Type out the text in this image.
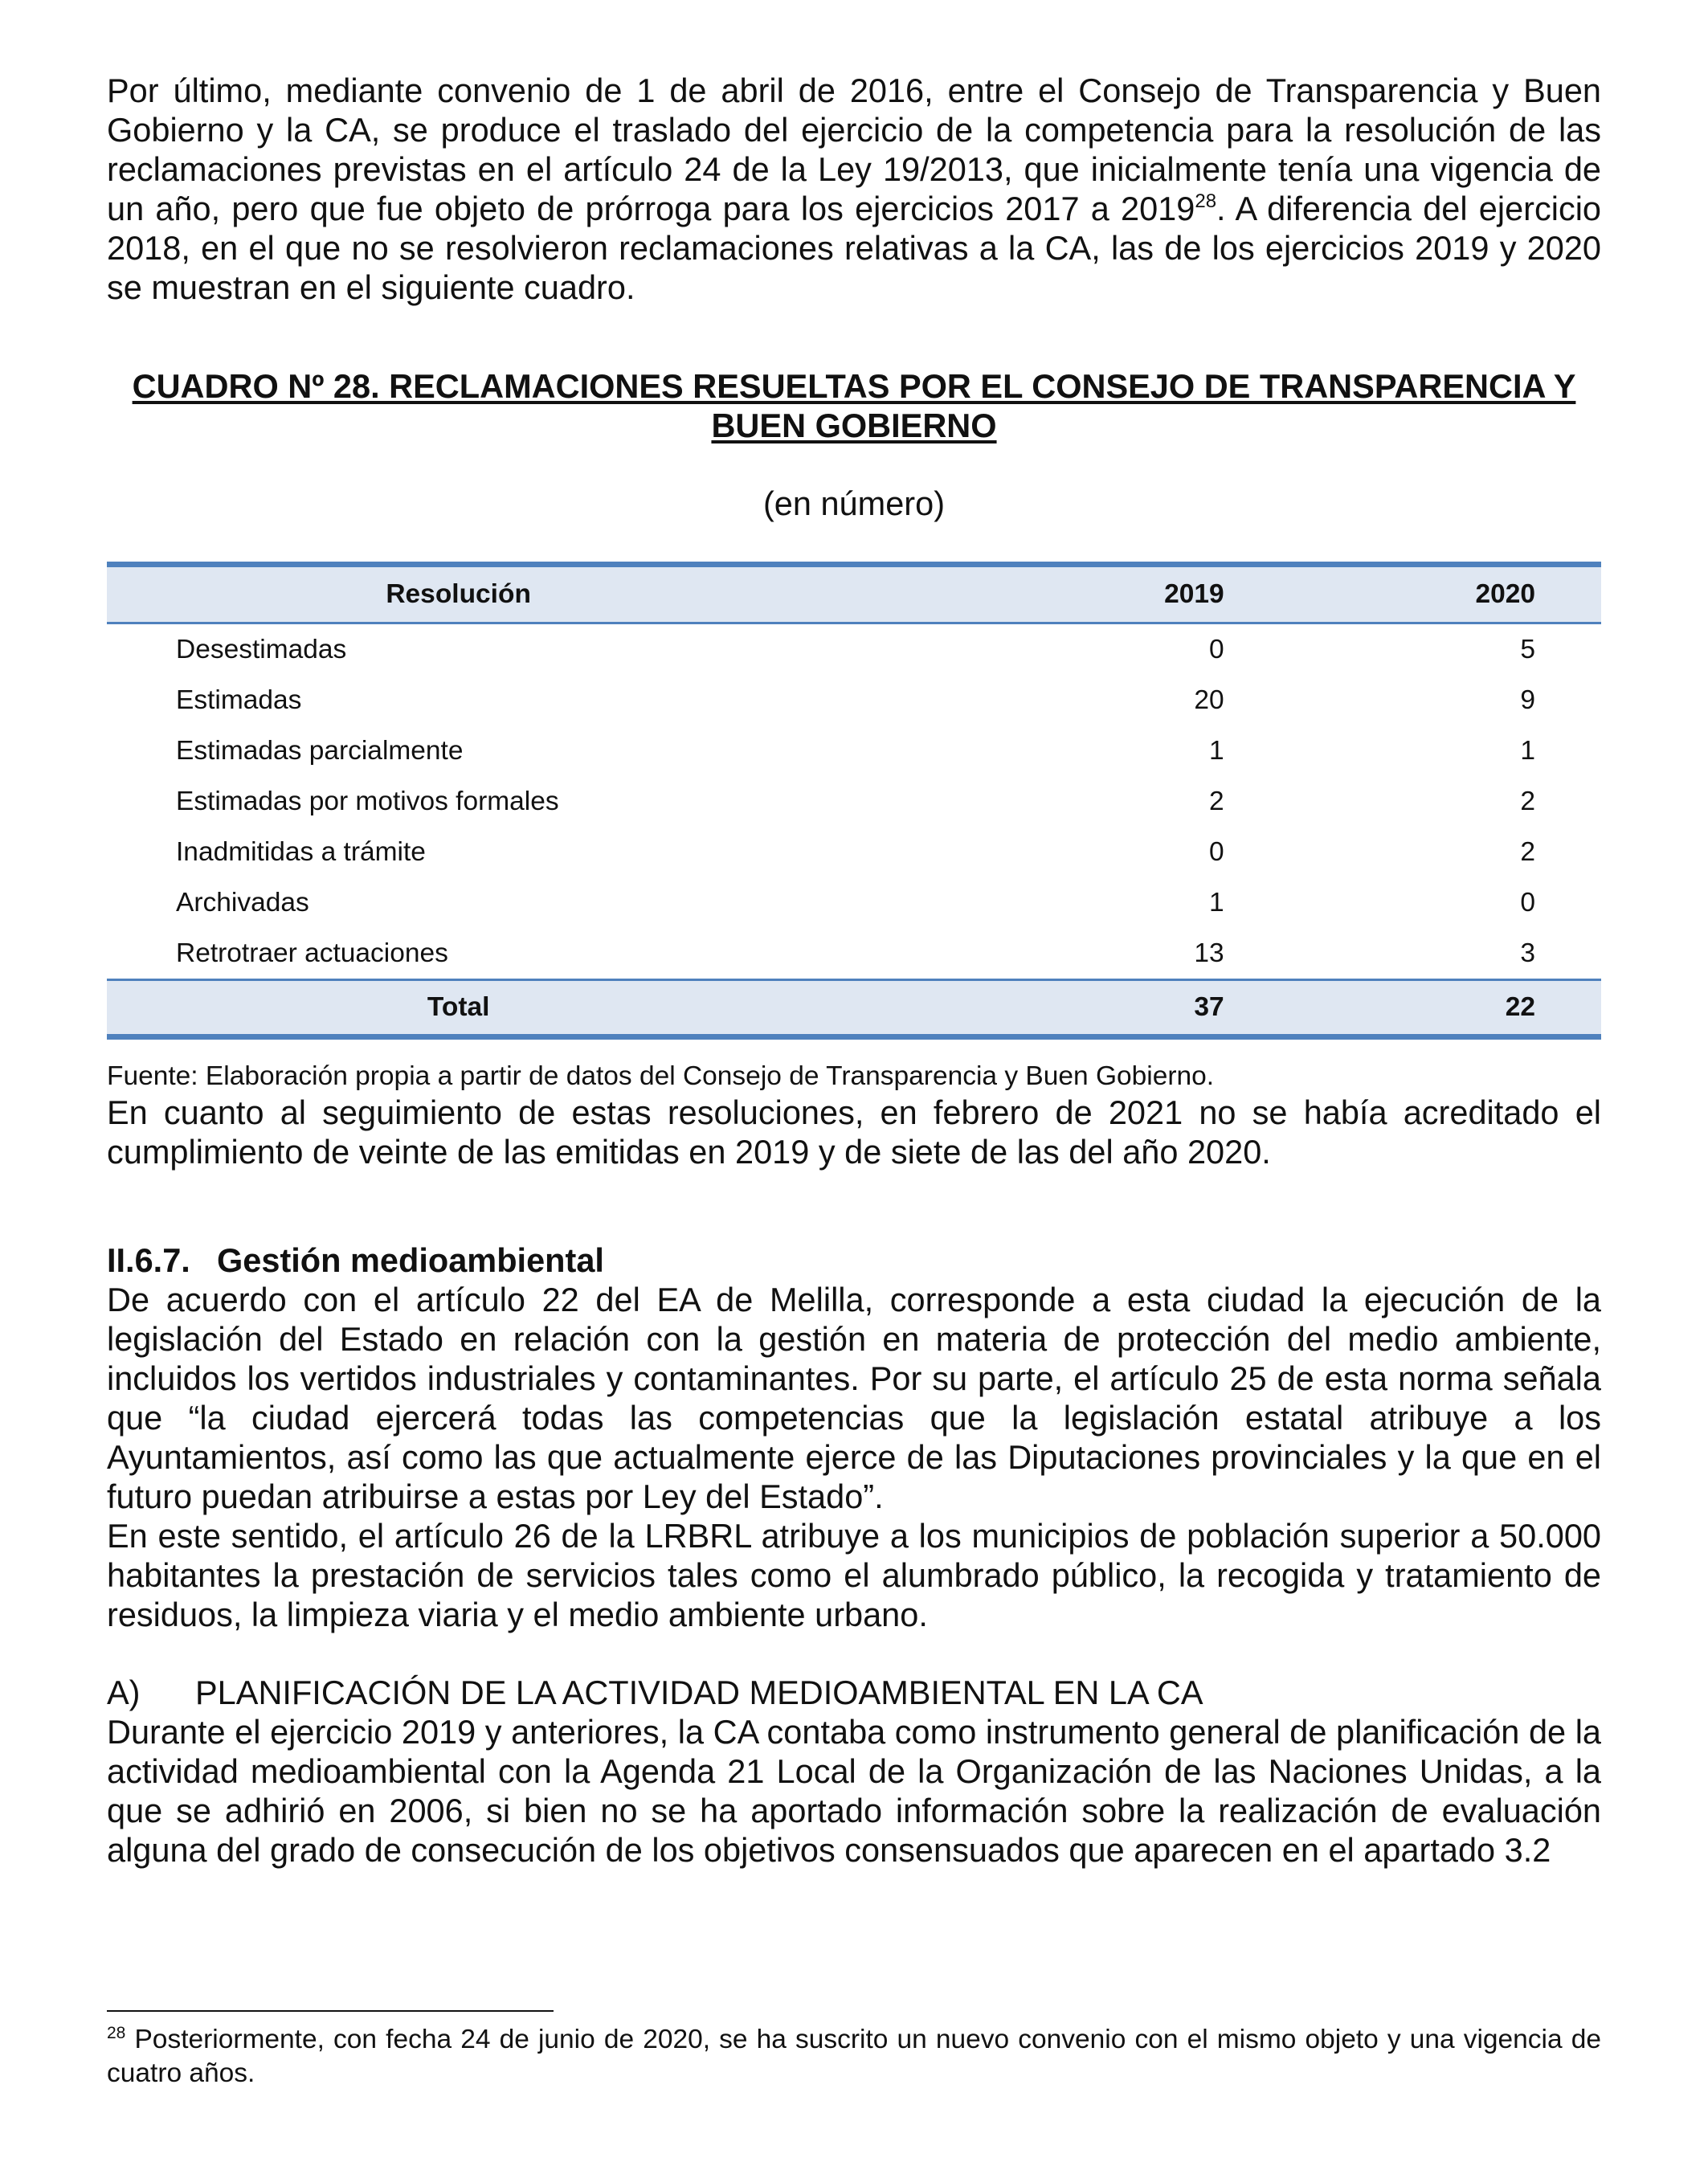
Por último, mediante convenio de 1 de abril de 2016, entre el Consejo de Transparencia y Buen Gobierno y la CA, se produce el traslado del ejercicio de la competencia para la resolución de las reclamaciones previstas en el artículo 24 de la Ley 19/2013, que inicialmente tenía una vigencia de un año, pero que fue objeto de prórroga para los ejercicios 2017 a 2019$^{28}$. A diferencia del ejercicio 2018, en el que no se resolvieron reclamaciones relativas a la CA, las de los ejercicios 2019 y 2020 se muestran en el siguiente cuadro.

CUADRO Nº 28. RECLAMACIONES RESUELTAS POR EL CONSEJO DE TRANSPARENCIA Y
BUEN GOBIERNO
(en número)
Resolución	2019	2020
Desestimadas	0	5
Estimadas	20	9
Estimadas parcialmente	1	1
Estimadas por motivos formales	2	2
Inadmitidas a trámite	0	2
Archivadas	1	0
Retrotraer actuaciones	13	3
Total	37	22
Fuente: Elaboración propia a partir de datos del Consejo de Transparencia y Buen Gobierno.

En cuanto al seguimiento de estas resoluciones, en febrero de 2021 no se había acreditado el cumplimiento de veinte de las emitidas en 2019 y de siete de las del año 2020.

II.6.7. Gestión medioambiental

De acuerdo con el artículo 22 del EA de Melilla, corresponde a esta ciudad la ejecución de la legislación del Estado en relación con la gestión en materia de protección del medio ambiente, incluidos los vertidos industriales y contaminantes. Por su parte, el artículo 25 de esta norma señala que “la ciudad ejercerá todas las competencias que la legislación estatal atribuye a los Ayuntamientos, así como las que actualmente ejerce de las Diputaciones provinciales y la que en el futuro puedan atribuirse a estas por Ley del Estado”.

En este sentido, el artículo 26 de la LRBRL atribuye a los municipios de población superior a 50.000 habitantes la prestación de servicios tales como el alumbrado público, la recogida y tratamiento de residuos, la limpieza viaria y el medio ambiente urbano.

A) PLANIFICACIÓN DE LA ACTIVIDAD MEDIOAMBIENTAL EN LA CA

Durante el ejercicio 2019 y anteriores, la CA contaba como instrumento general de planificación de la actividad medioambiental con la Agenda 21 Local de la Organización de las Naciones Unidas, a la que se adhirió en 2006, si bien no se ha aportado información sobre la realización de evaluación alguna del grado de consecución de los objetivos consensuados que aparecen en el apartado 3.2

$^{28}$ Posteriormente, con fecha 24 de junio de 2020, se ha suscrito un nuevo convenio con el mismo objeto y una vigencia de cuatro años.
